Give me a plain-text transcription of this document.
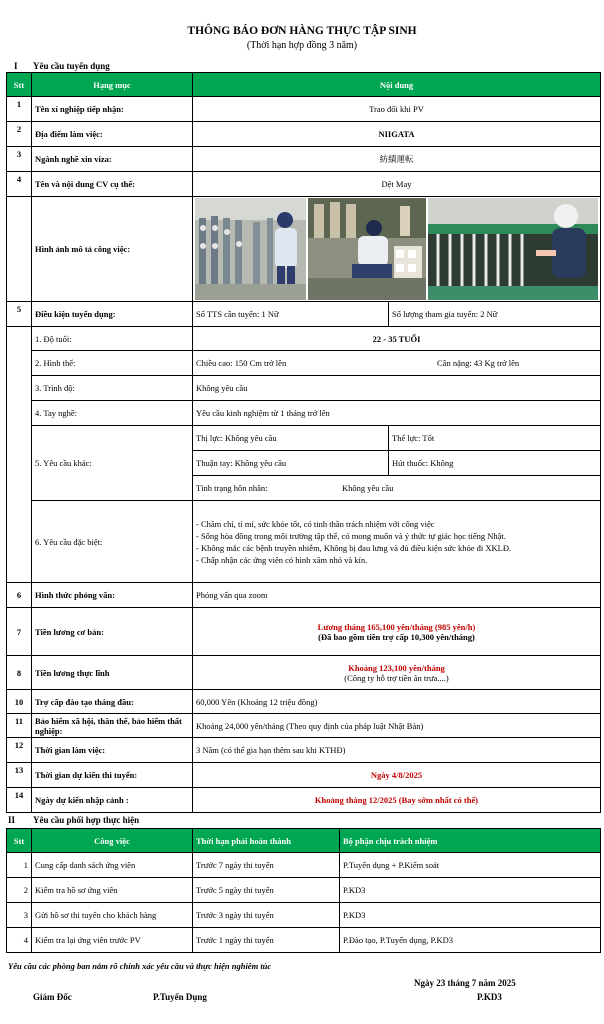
THÔNG BÁO ĐƠN HÀNG THỰC TẬP SINH
(Thời hạn hợp đồng 3 năm)
I Yêu cầu tuyển dụng
Stt	Hạng mục	Nội dung	
1	Tên xí nghiệp tiếp nhận:	Trao đổi khi PV	
2	Địa điểm làm việc:	NIIGATA	
3	Ngành nghề xin viza:	紡績運転	
4	Tên và nội dung CV cụ thể:	Dệt May	
	Hình ảnh mô tả công việc:	

5	Điều kiện tuyển dụng:	Số TTS cần tuyển: 1 Nữ	Số lượng tham gia tuyển: 2 Nữ
	1. Độ tuổi:	22 - 35 TUỔI	
	2. Hình thể:	Chiều cao: 150 Cm trở lên Cân nặng: 43 Kg trở lên	

	3. Trình độ:	Không yêu cầu	
	4. Tay nghề:	Yêu cầu kinh nghiệm từ 1 tháng trở lên	
	5. Yêu cầu khác:	Thị lực: Không yêu cầu	Thể lực: Tốt
		Thuận tay: Không yêu cầu	Hút thuốc: Không
		Tình trạng hôn nhân: Không yêu cầu	
	6. Yêu cầu đặc biệt:	- Chăm chỉ, tỉ mỉ, sức khỏe tốt, có tinh thần trách nhiệm với công việc
- Sống hòa đồng trong môi trường tập thể, có mong muốn và ý thức tự giác học tiếng Nhật.
- Không mắc các bệnh truyền nhiễm, Không bị đau lưng và đủ điều kiện sức khỏe đi XKLĐ.
- Chấp nhận các ứng viên có hình xăm nhỏ và kín.	

6	Hình thức phỏng vấn:	Phỏng vấn qua zoom	
7	Tiền lương cơ bản:	Lương tháng 165,100 yên/tháng (985 yên/h)
(Đã bao gồm tiền trợ cấp 10,300 yên/tháng)	

8	Tiền lương thực lĩnh	Khoảng 123,100 yên/tháng
(Công ty hỗ trợ tiền ăn trưa....)	

10	Trợ cấp đào tạo tháng đầu:	60,000 Yên (Khoảng 12 triệu đồng)	
11	Bảo hiểm xã hội, thân thể, bảo hiểm thất nghiệp:	Khoảng 24,000 yên/tháng (Theo quy định của pháp luật Nhật Bản)	
12	Thời gian làm việc:	3 Năm (có thể gia hạn thêm sau khi KTHĐ)	
13	Thời gian dự kiến thi tuyển:	Ngày 4/8/2025	
14	Ngày dự kiến nhập cảnh :	Khoảng tháng 12/2025 (Bay sớm nhất có thể)	
II Yêu cầu phối hợp thực hiện
Stt	Công việc	Thời hạn phải hoàn thành	Bộ phận chịu trách nhiệm
1	Cung cấp danh sách ứng viên	Trước 7 ngày thi tuyển	P.Tuyển dụng + P.Kiểm soát
2	Kiểm tra hồ sơ ứng viên	Trước 5 ngày thi tuyển	P.KD3
3	Gửi hồ sơ thi tuyển cho khách hàng	Trước 3 ngày thi tuyển	P.KD3
4	Kiểm tra lại ứng viên trước PV	Trước 1 ngày thi tuyển	P.Đào tạo, P.Tuyển dụng, P.KD3
Yêu cầu các phòng ban nắm rõ chính xác yêu cầu và thực hiện nghiêm túc
Ngày 23 tháng 7 năm 2025
Giám Đốc	P.Tuyển Dụng	P.KD3
